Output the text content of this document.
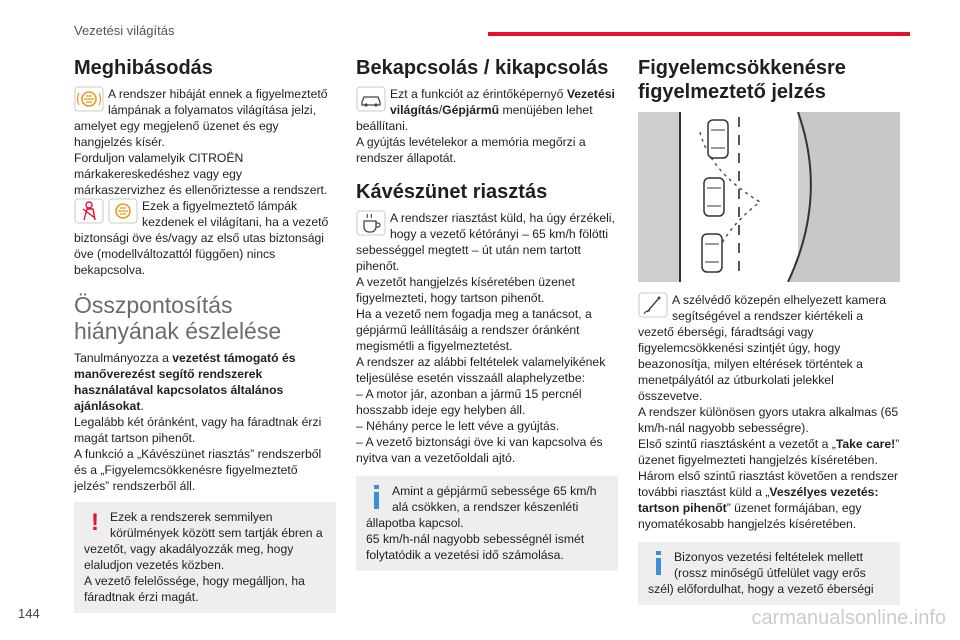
Vezetési világítás
Meghibásodás

A rendszer hibáját ennek a figyelmeztető lámpának a folyamatos világítása jelzi, amelyet egy megjelenő üzenet és egy hangjelzés kísér.

Forduljon valamelyik CITROËN márkakereskedéshez vagy egy márkaszervizhez és ellenőriztesse a rendszert.

Ezek a figyelmeztető lámpák kezdenek el világítani, ha a vezető biztonsági öve és/vagy az első utas biztonsági öve (modellváltozattól függően) nincs bekapcsolva.

Összpontosítás hiányának észlelése

Tanulmányozza a vezetést támogató és manőverezést segítő rendszerek használatával kapcsolatos általános ajánlásokat.

Legalább két óránként, vagy ha fáradtnak érzi magát tartson pihenőt.

A funkció a „Kávészünet riasztás” rendszerből és a „Figyelemcsökkenésre figyelmeztető jelzés” rendszerből áll.

! Ezek a rendszerek semmilyen körülmények között sem tartják ébren a vezetőt, vagy akadályozzák meg, hogy elaludjon vezetés közben.

A vezető felelőssége, hogy megálljon, ha fáradtnak érzi magát.

Bekapcsolás / kikapcsolás

Ezt a funkciót az érintőképernyő Vezetési világítás/Gépjármű menüjében lehet beállítani.

A gyújtás levételekor a memória megőrzi a rendszer állapotát.

Kávészünet riasztás

A rendszer riasztást küld, ha úgy érzékeli, hogy a vezető kétórányi – 65 km/h fölötti sebességgel megtett – út után nem tartott pihenőt.

A vezetőt hangjelzés kíséretében üzenet figyelmezteti, hogy tartson pihenőt.

Ha a vezető nem fogadja meg a tanácsot, a gépjármű leállításáig a rendszer óránként megismétli a figyelmeztetést.

A rendszer az alábbi feltételek valamelyikének teljesülése esetén visszaáll alaphelyzetbe:

– A motor jár, azonban a jármű 15 percnél hosszabb ideje egy helyben áll.

– Néhány perce le lett véve a gyújtás.

– A vezető biztonsági öve ki van kapcsolva és nyitva van a vezetőoldali ajtó.

Amint a gépjármű sebessége 65 km/h alá csökken, a rendszer készenléti állapotba kapcsol.

65 km/h-nál nagyobb sebességnél ismét folytatódik a vezetési idő számolása.

Figyelemcsökkenésre figyelmeztető jelzés

A szélvédő közepén elhelyezett kamera segítségével a rendszer kiértékeli a vezető éberségi, fáradtsági vagy figyelemcsökkenési szintjét úgy, hogy beazonosítja, milyen eltérések történtek a menetpályától az útburkolati jelekkel összevetve.

A rendszer különösen gyors utakra alkalmas (65 km/h-nál nagyobb sebességre).

Első szintű riasztásként a vezetőt a „Take care!” üzenet figyelmezteti hangjelzés kíséretében.

Három első szintű riasztást követően a rendszer további riasztást küld a „Veszélyes vezetés: tartson pihenőt” üzenet formájában, egy nyomatékosabb hangjelzés kíséretében.

Bizonyos vezetési feltételek mellett (rossz minőségű útfelület vagy erős szél) előfordulhat, hogy a vezető éberségi

144	carmanualsonline.info
